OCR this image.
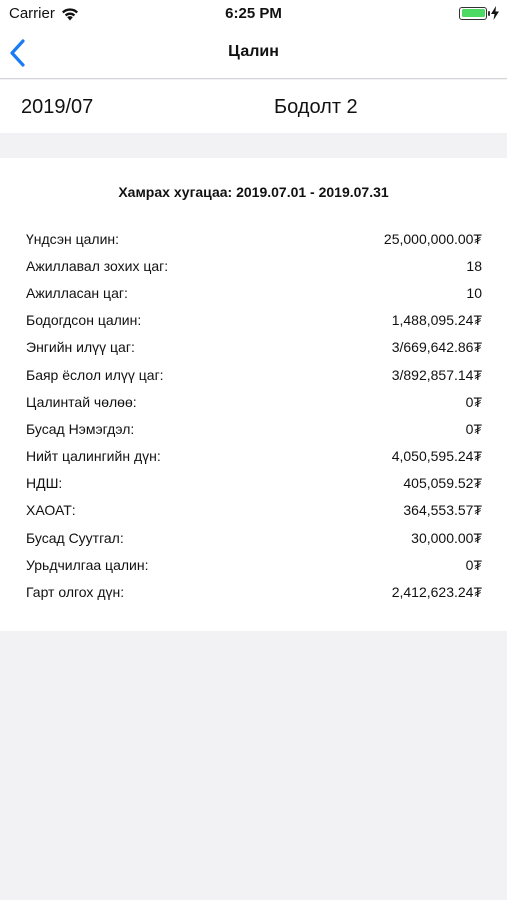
Carrier	6:25 PM
Цалин
2019/07	Бодолт 2
Хамрах хугацаа: 2019.07.01 - 2019.07.31
Үндсэн цалин:	25,000,000.00₮
Ажиллавал зохих цаг:	18
Ажилласан цаг:	10
Бодогдсон цалин:	1,488,095.24₮
Энгийн илүү цаг:	3/669,642.86₮
Баяр ёслол илүү цаг:	3/892,857.14₮
Цалинтай чөлөө:	0₮
Бусад Нэмэгдэл:	0₮
Нийт цалингийн дүн:	4,050,595.24₮
НДШ:	405,059.52₮
ХАОАТ:	364,553.57₮
Бусад Суутгал:	30,000.00₮
Урьдчилгаа цалин:	0₮
Гарт олгох дүн:	2,412,623.24₮
